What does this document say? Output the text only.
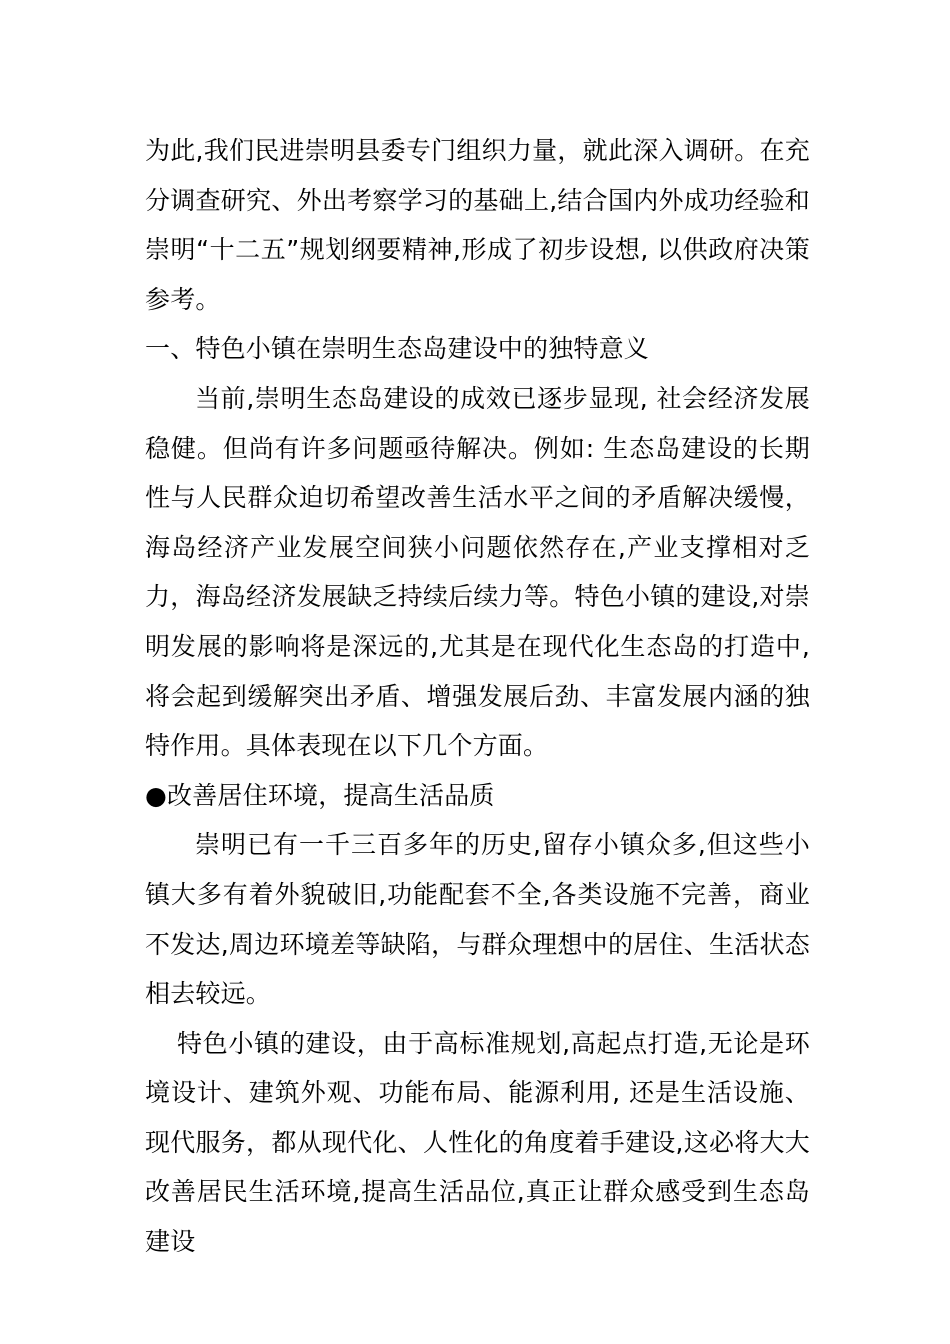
为此,我们民进崇明县委专门组织力量，就此深入调研。在充分调查研究、外出考察学习的基础上,结合国内外成功经验和崇明“十二五”规划纲要精神,形成了初步设想, 以供政府决策参考。

一、特色小镇在崇明生态岛建设中的独特意义

当前,崇明生态岛建设的成效已逐步显现, 社会经济发展稳健。但尚有许多问题亟待解决。例如: 生态岛建设的长期性与人民群众迫切希望改善生活水平之间的矛盾解决缓慢，海岛经济产业发展空间狭小问题依然存在,产业支撑相对乏力，海岛经济发展缺乏持续后续力等。特色小镇的建设,对崇明发展的影响将是深远的,尤其是在现代化生态岛的打造中, 将会起到缓解突出矛盾、增强发展后劲、丰富发展内涵的独特作用。具体表现在以下几个方面。

●改善居住环境，提高生活品质

崇明已有一千三百多年的历史,留存小镇众多,但这些小镇大多有着外貌破旧,功能配套不全,各类设施不完善，商业不发达,周边环境差等缺陷，与群众理想中的居住、生活状态相去较远。

特色小镇的建设，由于高标准规划,高起点打造,无论是环境设计、建筑外观、功能布局、能源利用, 还是生活设施、现代服务，都从现代化、人性化的角度着手建设,这必将大大改善居民生活环境,提高生活品位,真正让群众感受到生态岛建设
